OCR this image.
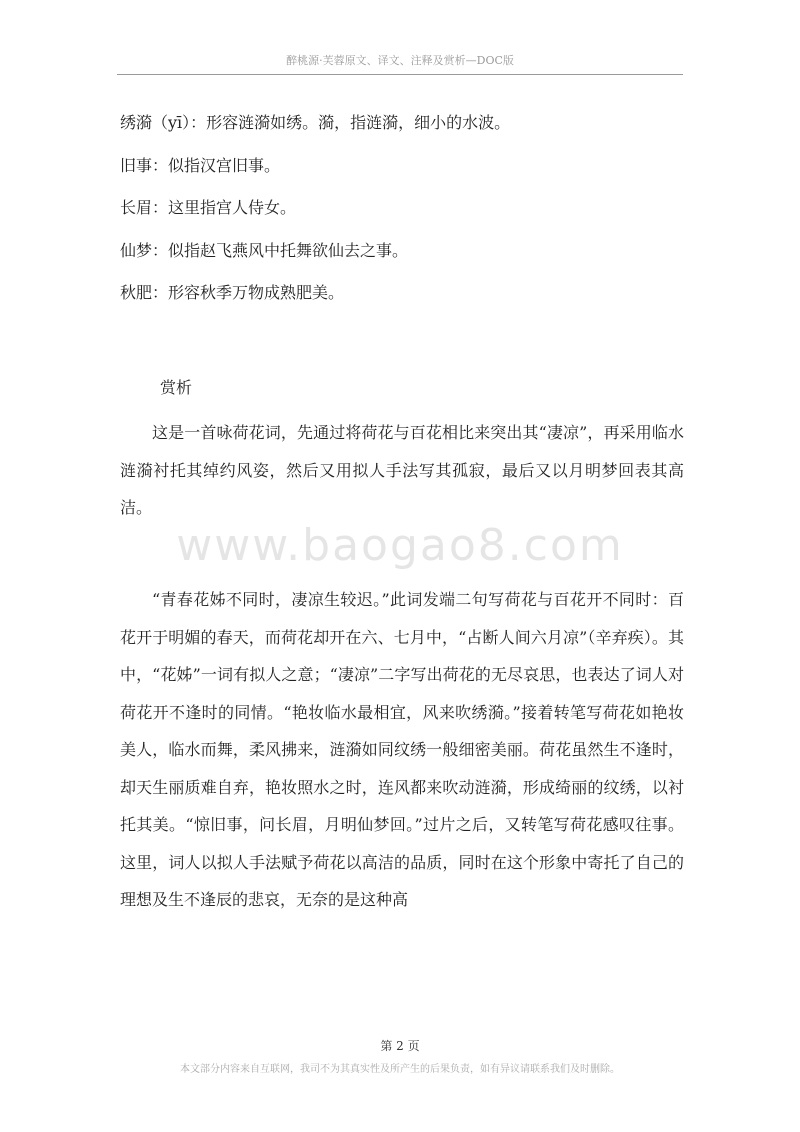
醉桃源·芙蓉原文、译文、注释及赏析—DOC版
绣漪（yī）：形容涟漪如绣。漪，指涟漪，细小的水波。
旧事：似指汉宫旧事。
长眉：这里指宫人侍女。
仙梦：似指赵飞燕风中托舞欲仙去之事。
秋肥：形容秋季万物成熟肥美。
赏析
这是一首咏荷花词，先通过将荷花与百花相比来突出其“凄凉”，再采用临水涟漪衬托其绰约风姿，然后又用拟人手法写其孤寂，最后又以月明梦回表其高洁。
www.baogao8.com
“青春花姊不同时，凄凉生较迟。”此词发端二句写荷花与百花开不同时：百花开于明媚的春天，而荷花却开在六、七月中，“占断人间六月凉”（辛弃疾）。其中，“花姊”一词有拟人之意；“凄凉”二字写出荷花的无尽哀思，也表达了词人对荷花开不逢时的同情。“艳妆临水最相宜，风来吹绣漪。”接着转笔写荷花如艳妆美人，临水而舞，柔风拂来，涟漪如同纹绣一般细密美丽。荷花虽然生不逢时，却天生丽质难自弃，艳妆照水之时，连风都来吹动涟漪，形成绮丽的纹绣，以衬托其美。“惊旧事，问长眉，月明仙梦回。”过片之后，又转笔写荷花感叹往事。这里，词人以拟人手法赋予荷花以高洁的品质，同时在这个形象中寄托了自己的理想及生不逢辰的悲哀，无奈的是这种高
第 2 页
本文部分内容来自互联网，我司不为其真实性及所产生的后果负责，如有异议请联系我们及时删除。
